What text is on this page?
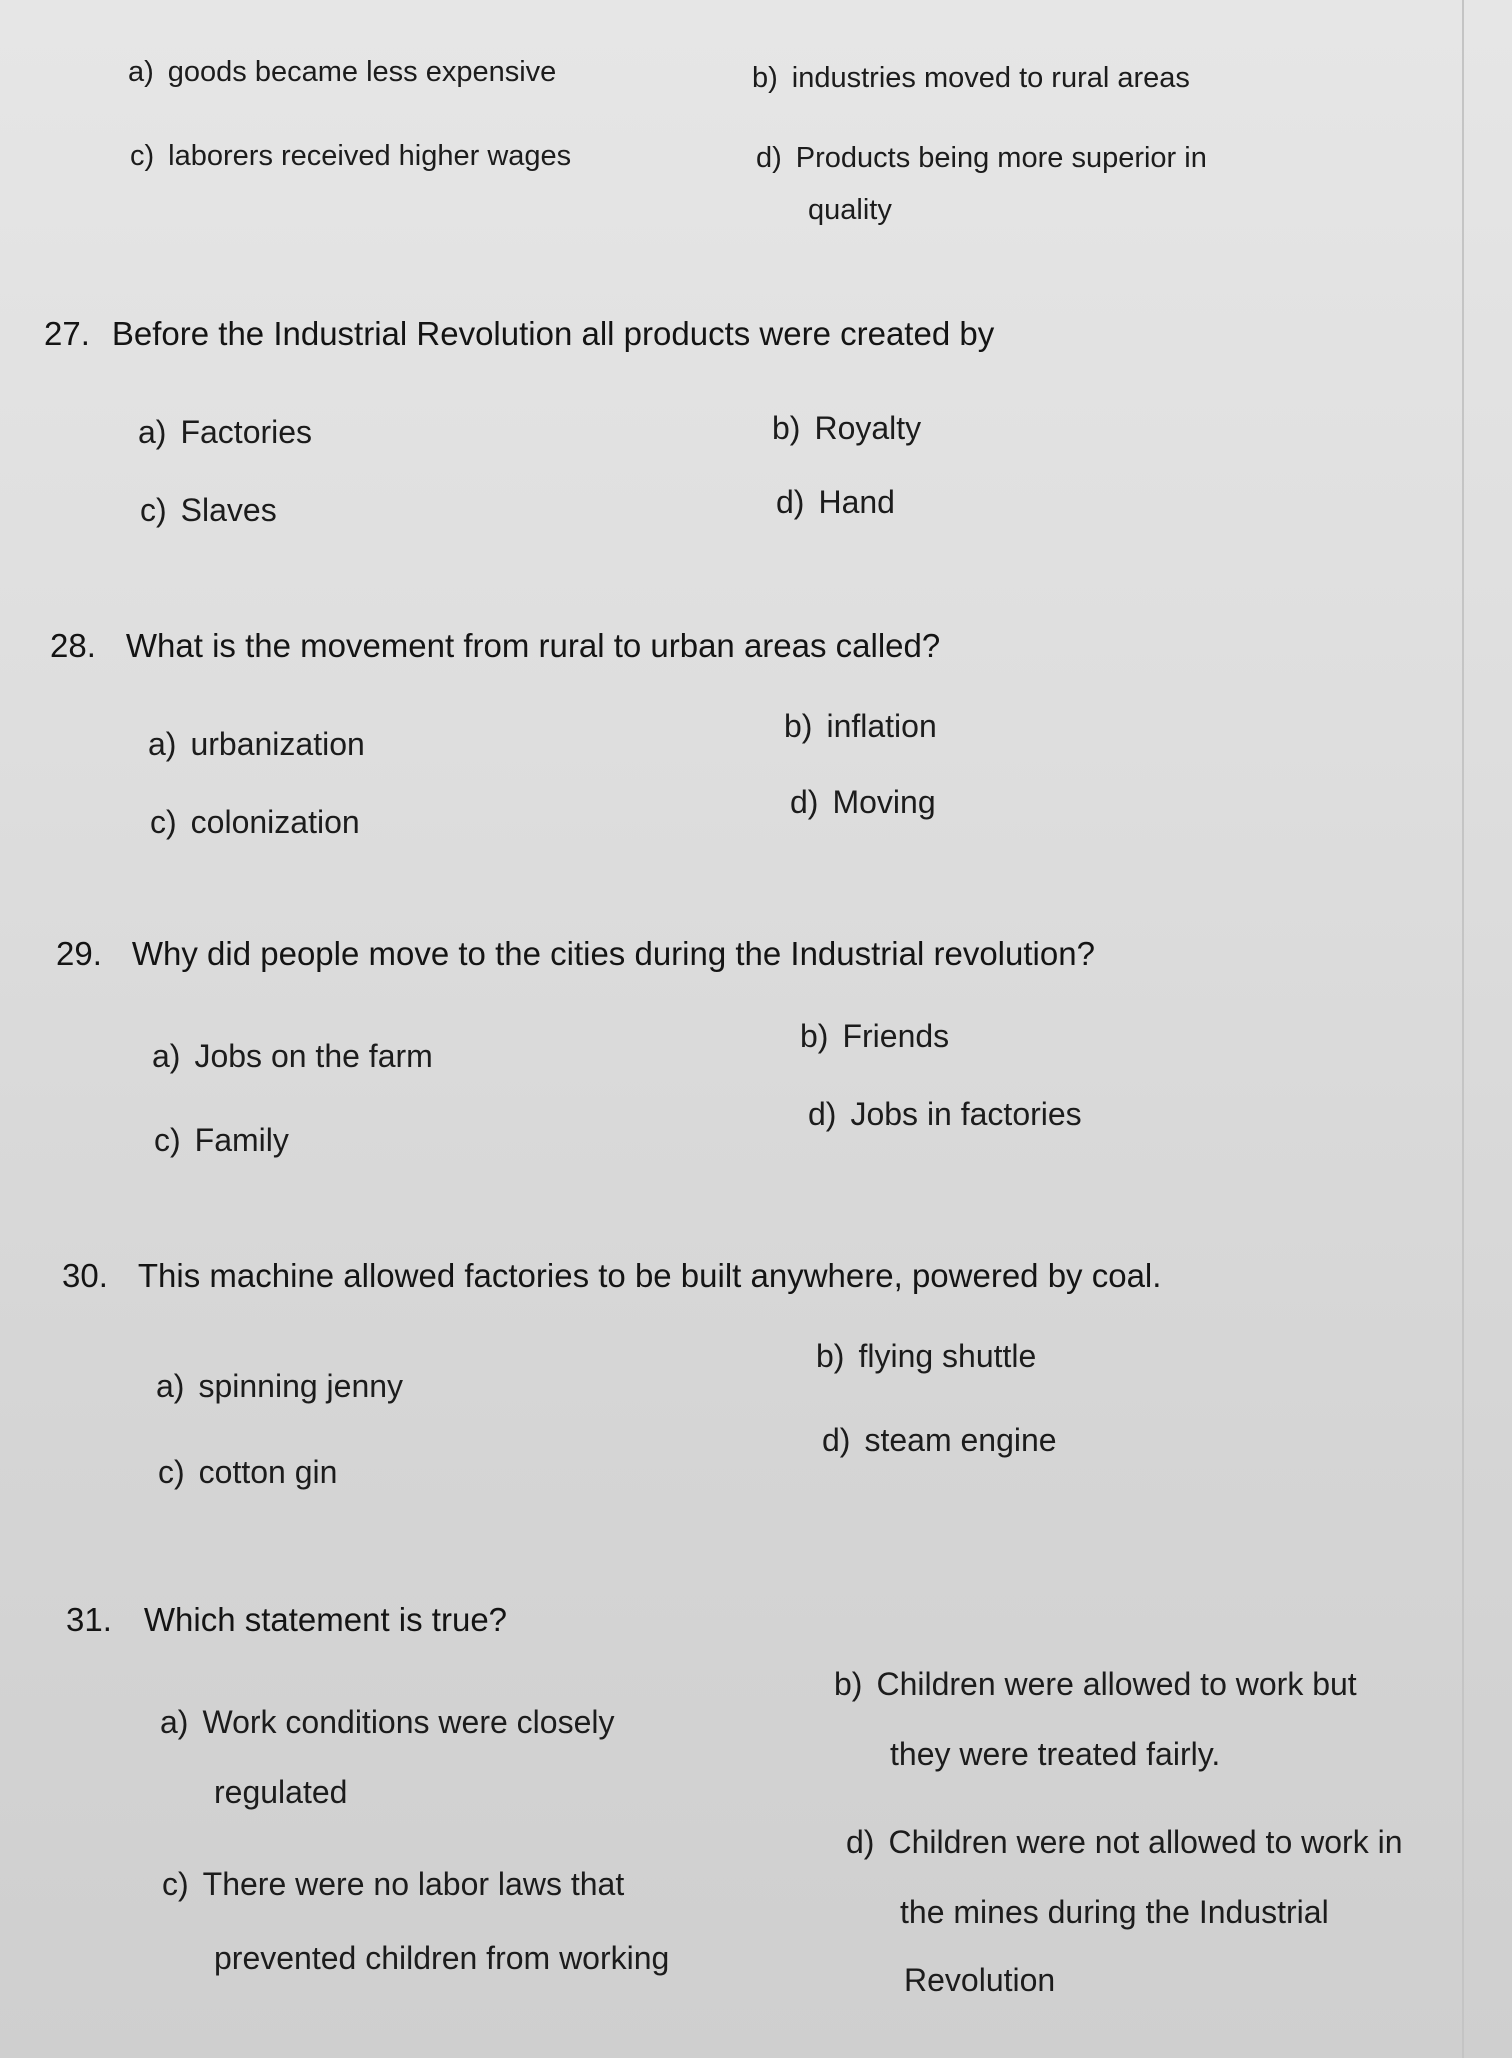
a) goods became less expensive	b) industries moved to rural areas
c) laborers received higher wages	d) Products being more superior in
quality
27. Before the Industrial Revolution all products were created by
a) Factories	b) Royalty
c) Slaves	d) Hand
28. What is the movement from rural to urban areas called?
a) urbanization	b) inflation
c) colonization
d) Moving
29. Why did people move to the cities during the Industrial revolution?
a) Jobs on the farm
b) Friends
c) Family
d) Jobs in factories
30. This machine allowed factories to be built anywhere, powered by coal.
a) spinning jenny
b) flying shuttle
c) cotton gin
d) steam engine
31. Which statement is true?
a) Work conditions were closely
regulated
b) Children were allowed to work but
they were treated fairly.
c) There were no labor laws that
prevented children from working
d) Children were not allowed to work in
the mines during the Industrial
Revolution
